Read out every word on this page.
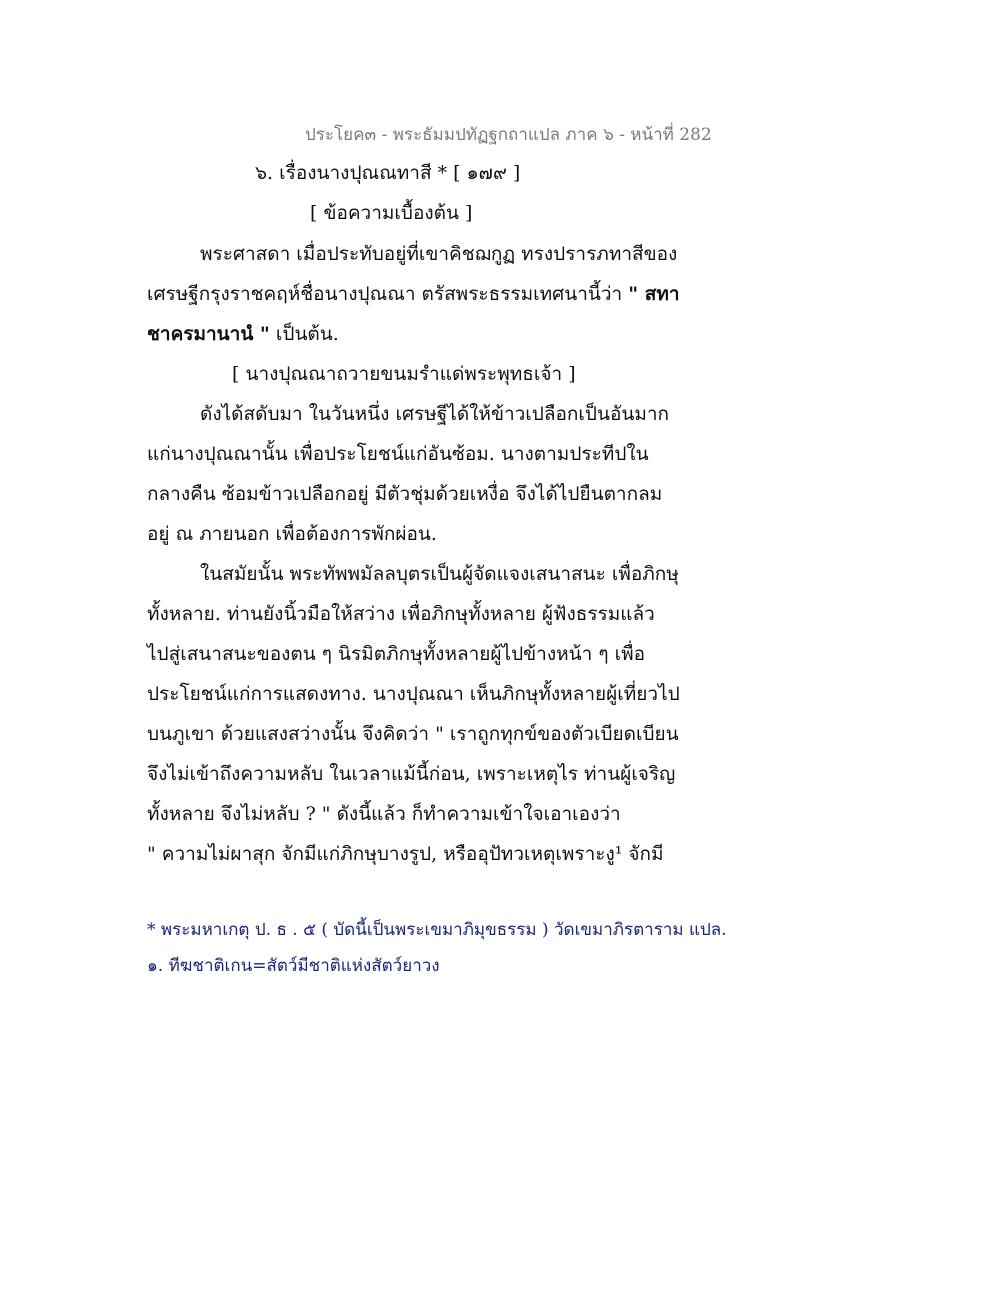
ประโยค๓ - พระธัมมปทัฏฐกถาแปล ภาค ๖ - หน้าที่ 282
๖. เรื่องนางปุณณทาสี * [ ๑๗๙ ]
[ ข้อความเบื้องต้น ]
พระศาสดา เมื่อประทับอยู่ที่เขาคิชฌกูฏ ทรงปรารภทาสีของ
เศรษฐีกรุงราชคฤห์ชื่อนางปุณณา ตรัสพระธรรมเทศนานี้ว่า " สทา
ชาครมานานํ " เป็นต้น.
[ นางปุณณาถวายขนมรำแด่พระพุทธเจ้า ]
ดังได้สดับมา ในวันหนึ่ง เศรษฐีได้ให้ข้าวเปลือกเป็นอันมาก
แก่นางปุณณานั้น เพื่อประโยชน์แก่อันซ้อม. นางตามประทีปใน
กลางคืน ซ้อมข้าวเปลือกอยู่ มีตัวชุ่มด้วยเหงื่อ จึงได้ไปยืนตากลม
อยู่ ณ ภายนอก เพื่อต้องการพักผ่อน.
ในสมัยนั้น พระทัพพมัลลบุตรเป็นผู้จัดแจงเสนาสนะ เพื่อภิกษุ
ทั้งหลาย. ท่านยังนิ้วมือให้สว่าง เพื่อภิกษุทั้งหลาย ผู้ฟังธรรมแล้ว
ไปสู่เสนาสนะของตน ๆ นิรมิตภิกษุทั้งหลายผู้ไปข้างหน้า ๆ เพื่อ
ประโยชน์แก่การแสดงทาง. นางปุณณา เห็นภิกษุทั้งหลายผู้เที่ยวไป
บนภูเขา ด้วยแสงสว่างนั้น จึงคิดว่า " เราถูกทุกข์ของตัวเบียดเบียน
จึงไม่เข้าถึงความหลับ ในเวลาแม้นี้ก่อน, เพราะเหตุไร ท่านผู้เจริญ
ทั้งหลาย จึงไม่หลับ ? " ดังนี้แล้ว ก็ทำความเข้าใจเอาเองว่า
" ความไม่ผาสุก จักมีแก่ภิกษุบางรูป, หรืออุปัทวเหตุเพราะงู¹ จักมี
* พระมหาเกตุ ป. ธ . ๕ ( บัดนี้เป็นพระเขมาภิมุขธรรม ) วัดเขมาภิรตาราม แปล.
๑. ทีฆชาติเกน=สัตว์มีชาติแห่งสัตว์ยาวง
